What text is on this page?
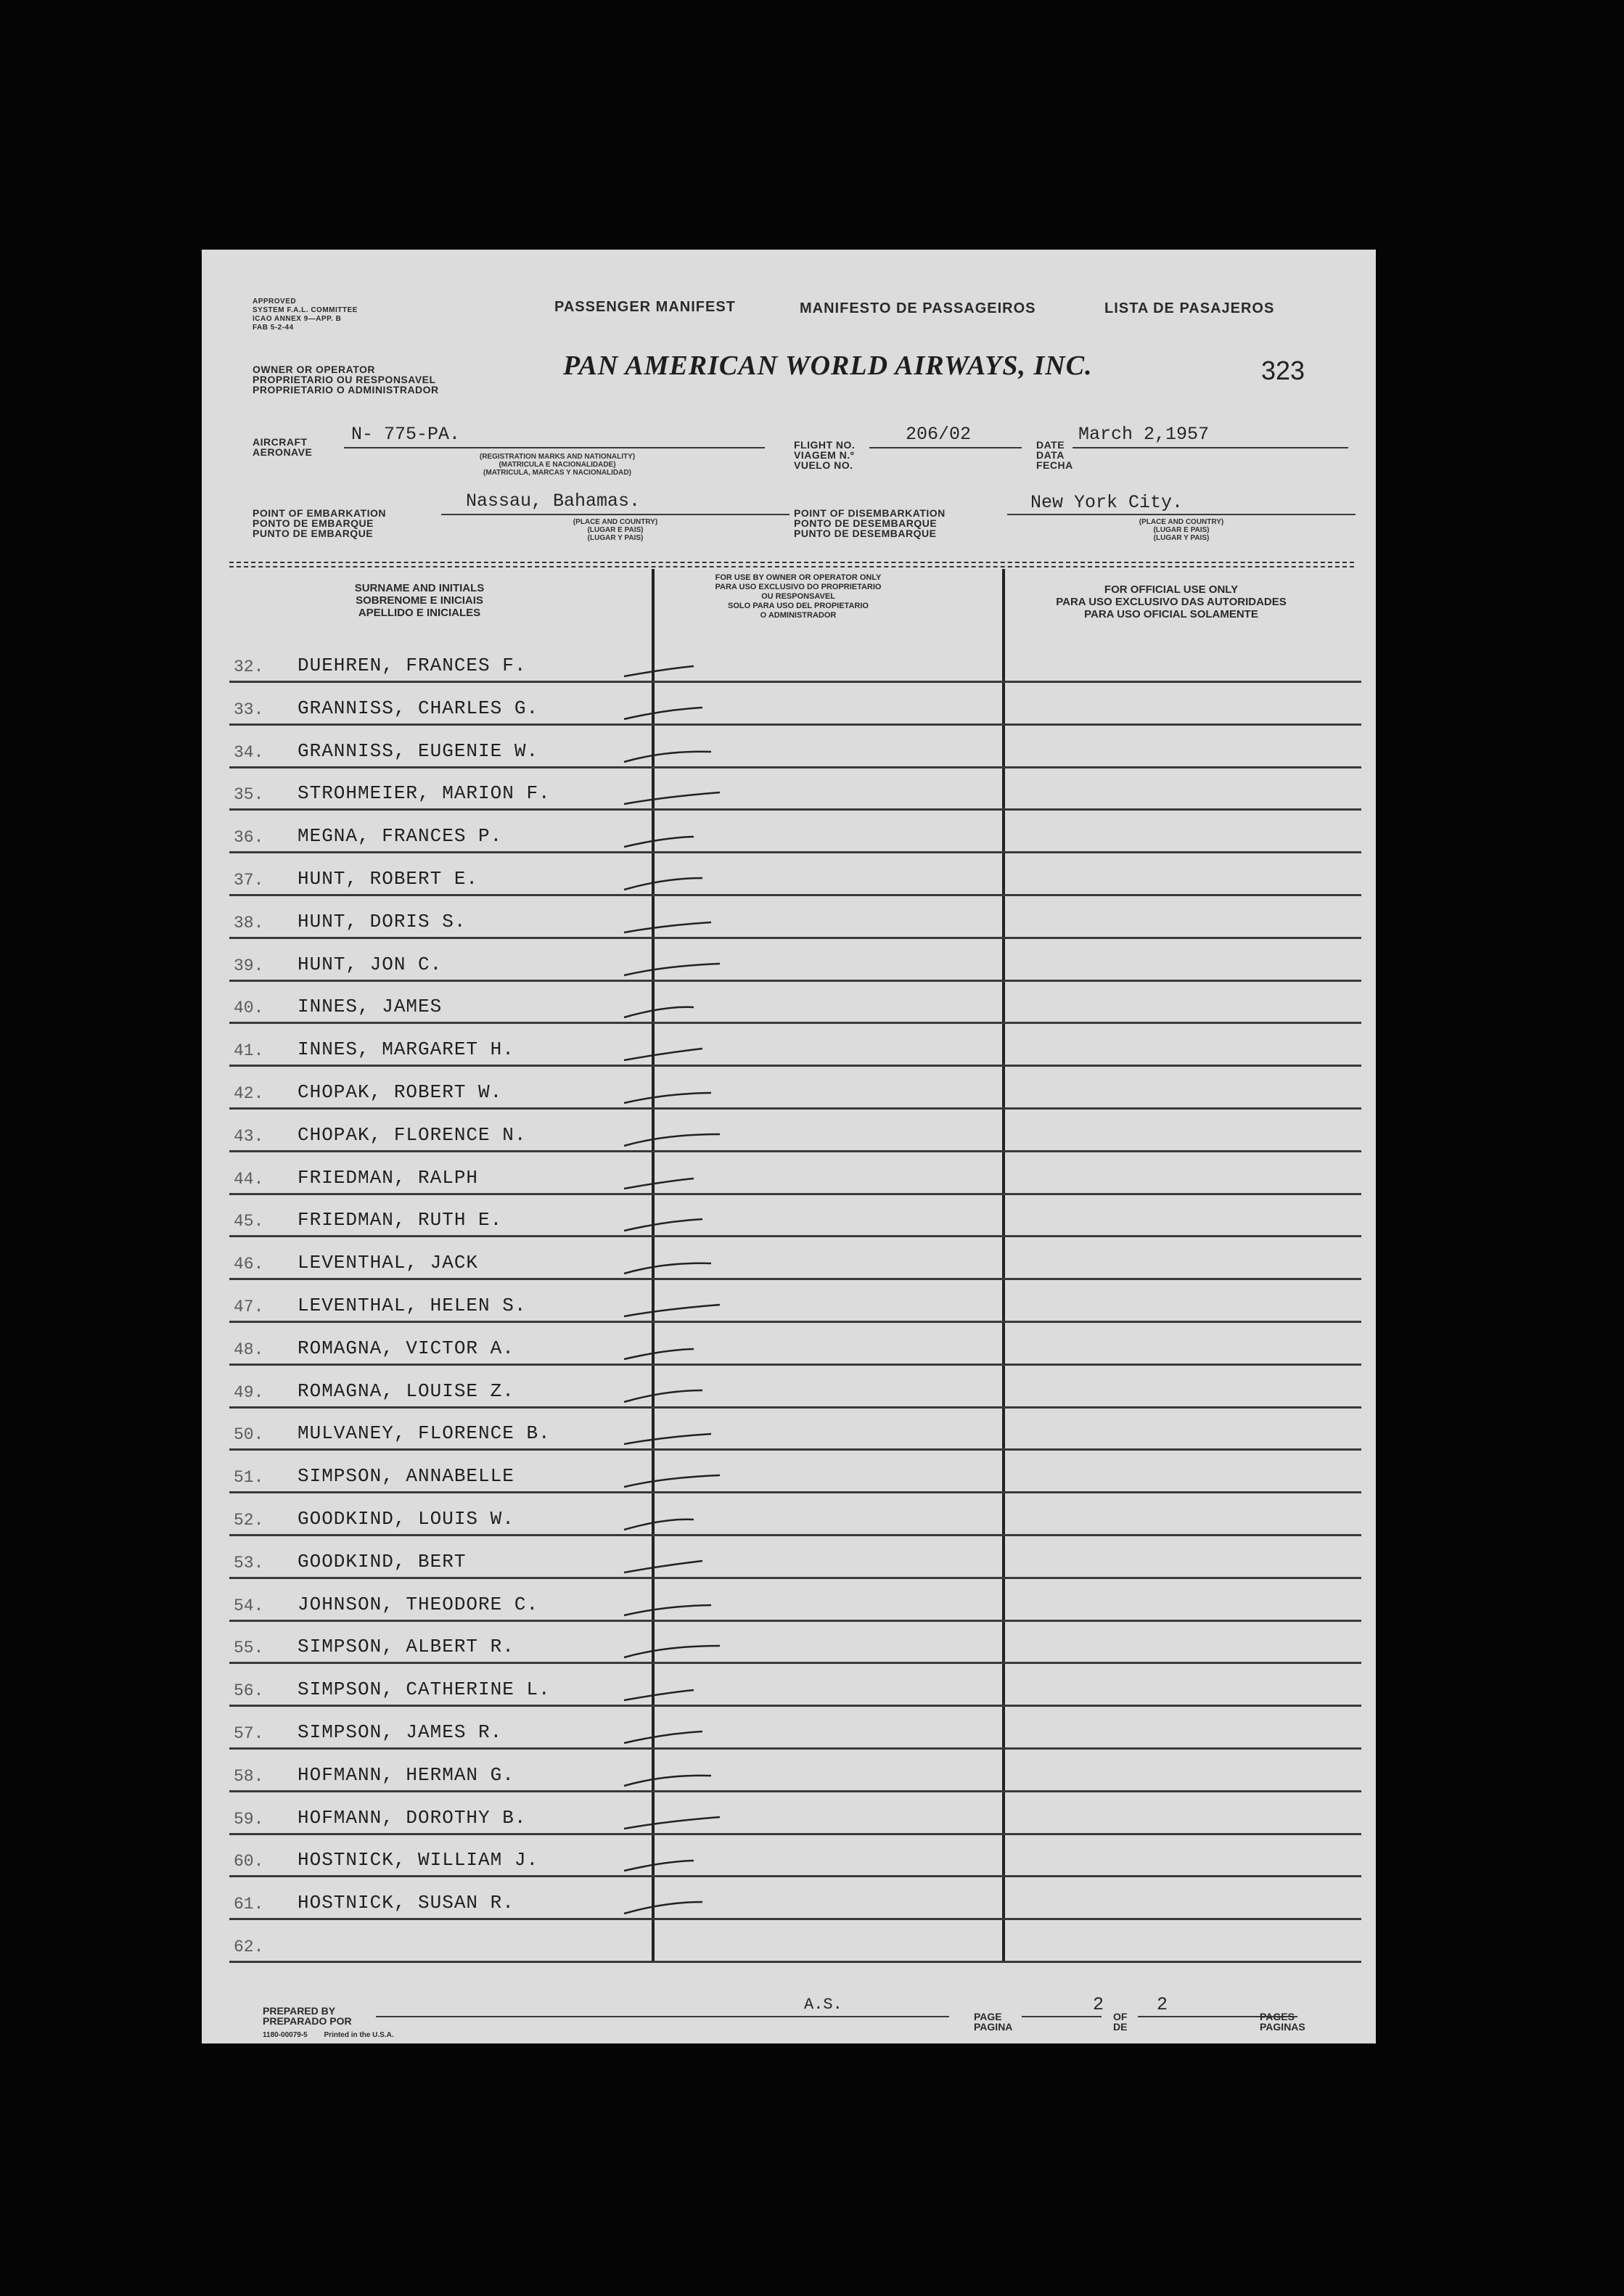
APPROVED
SYSTEM F.A.L. COMMITTEE
ICAO ANNEX 9—APP. B
FAB 5-2-44
OWNER OR OPERATOR
PROPRIETARIO OU RESPONSAVEL
PROPRIETARIO O ADMINISTRADOR
PASSENGER MANIFEST	MANIFESTO DE PASSAGEIROS	LISTA DE PASAJEROS
PAN AMERICAN WORLD AIRWAYS, INC.	323
AIRCRAFT
AERONAVE
N- 775-PA.
(REGISTRATION MARKS AND NATIONALITY)
(MATRICULA E NACIONALIDADE)
(MATRICULA, MARCAS Y NACIONALIDAD)
FLIGHT NO.
VIAGEM N.º
VUELO NO.
206/02	DATE
DATA
FECHA
March 2,1957
POINT OF EMBARKATION
PONTO DE EMBARQUE
PUNTO DE EMBARQUE
Nassau, Bahamas.
(PLACE AND COUNTRY)
(LUGAR E PAIS)
(LUGAR Y PAIS)
POINT OF DISEMBARKATION
PONTO DE DESEMBARQUE
PUNTO DE DESEMBARQUE
New York City.
(PLACE AND COUNTRY)
(LUGAR E PAIS)
(LUGAR Y PAIS)
SURNAME AND INITIALS
SOBRENOME E INICIAIS
APELLIDO E INICIALES
FOR USE BY OWNER OR OPERATOR ONLY
PARA USO EXCLUSIVO DO PROPRIETARIO
OU RESPONSAVEL
SOLO PARA USO DEL PROPIETARIO
O ADMINISTRADOR
FOR OFFICIAL USE ONLY
PARA USO EXCLUSIVO DAS AUTORIDADES
PARA USO OFICIAL SOLAMENTE
PREPARED BY
PREPARADO POR
A.S.
1180-00079-5 Printed in the U.S.A.
PAGE
PAGINA
2
OF
DE
2
PAGES
PAGINAS
32. DUEHREN, FRANCES F.
33. GRANNISS, CHARLES G.
34. GRANNISS, EUGENIE W.
35. STROHMEIER, MARION F.
36. MEGNA, FRANCES P.
37. HUNT, ROBERT E.
38. HUNT, DORIS S.
39. HUNT, JON C.
40. INNES, JAMES
41. INNES, MARGARET H.
42. CHOPAK, ROBERT W.
43. CHOPAK, FLORENCE N.
44. FRIEDMAN, RALPH
45. FRIEDMAN, RUTH E.
46. LEVENTHAL, JACK
47. LEVENTHAL, HELEN S.
48. ROMAGNA, VICTOR A.
49. ROMAGNA, LOUISE Z.
50. MULVANEY, FLORENCE B.
51. SIMPSON, ANNABELLE
52. GOODKIND, LOUIS W.
53. GOODKIND, BERT
54. JOHNSON, THEODORE C.
55. SIMPSON, ALBERT R.
56. SIMPSON, CATHERINE L.
57. SIMPSON, JAMES R.
58. HOFMANN, HERMAN G.
59. HOFMANN, DOROTHY B.
60. HOSTNICK, WILLIAM J.
61. HOSTNICK, SUSAN R.
62.
